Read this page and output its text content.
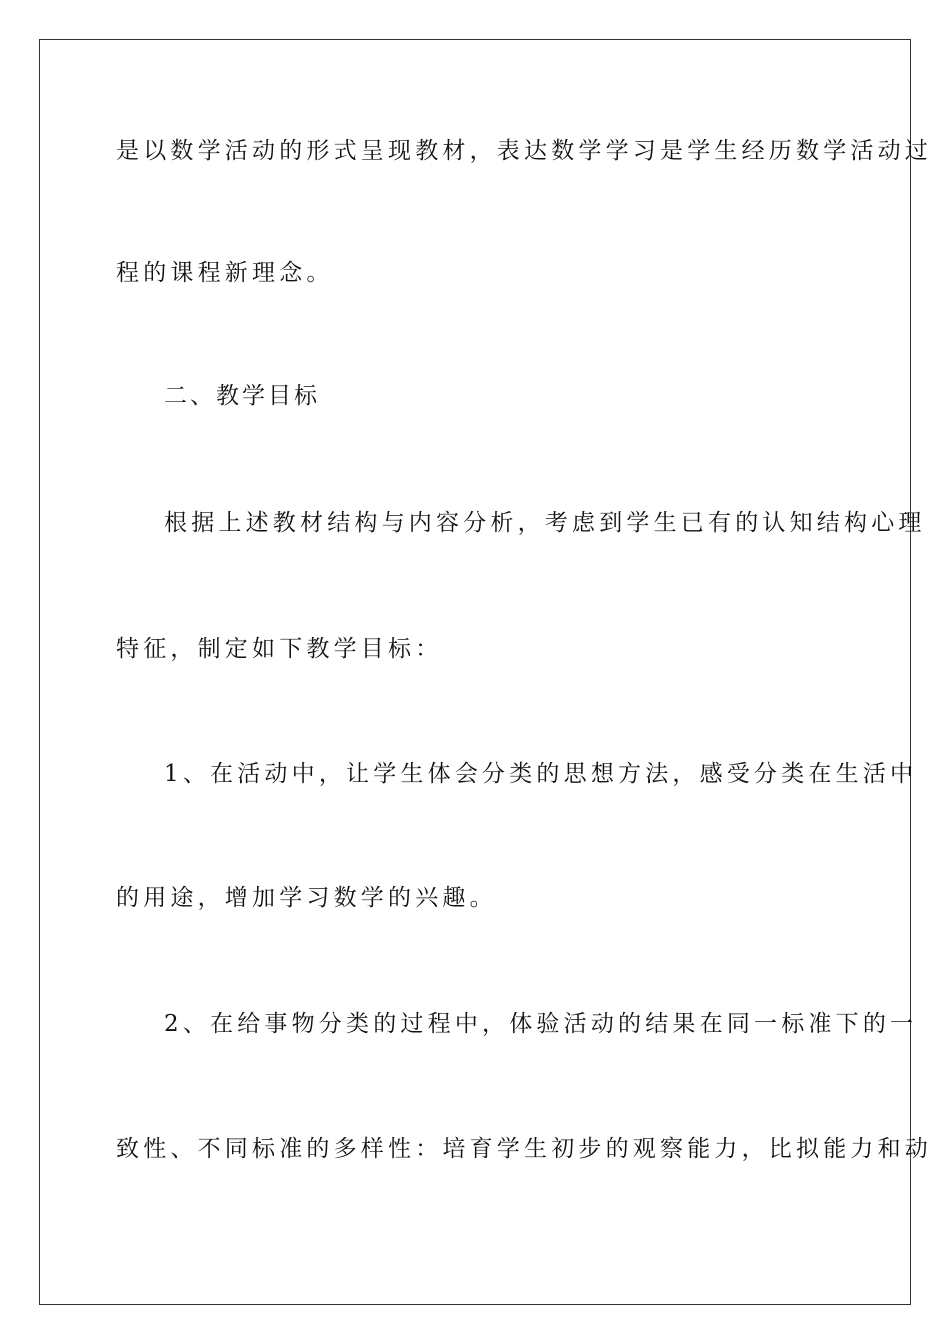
是以数学活动的形式呈现教材，表达数学学习是学生经历数学活动过
程的课程新理念。
二、教学目标
根据上述教材结构与内容分析，考虑到学生已有的认知结构心理
特征，制定如下教学目标：
1、在活动中，让学生体会分类的思想方法，感受分类在生活中
的用途，增加学习数学的兴趣。
2、在给事物分类的过程中，体验活动的结果在同一标准下的一
致性、不同标准的多样性：培育学生初步的观察能力，比拟能力和动
